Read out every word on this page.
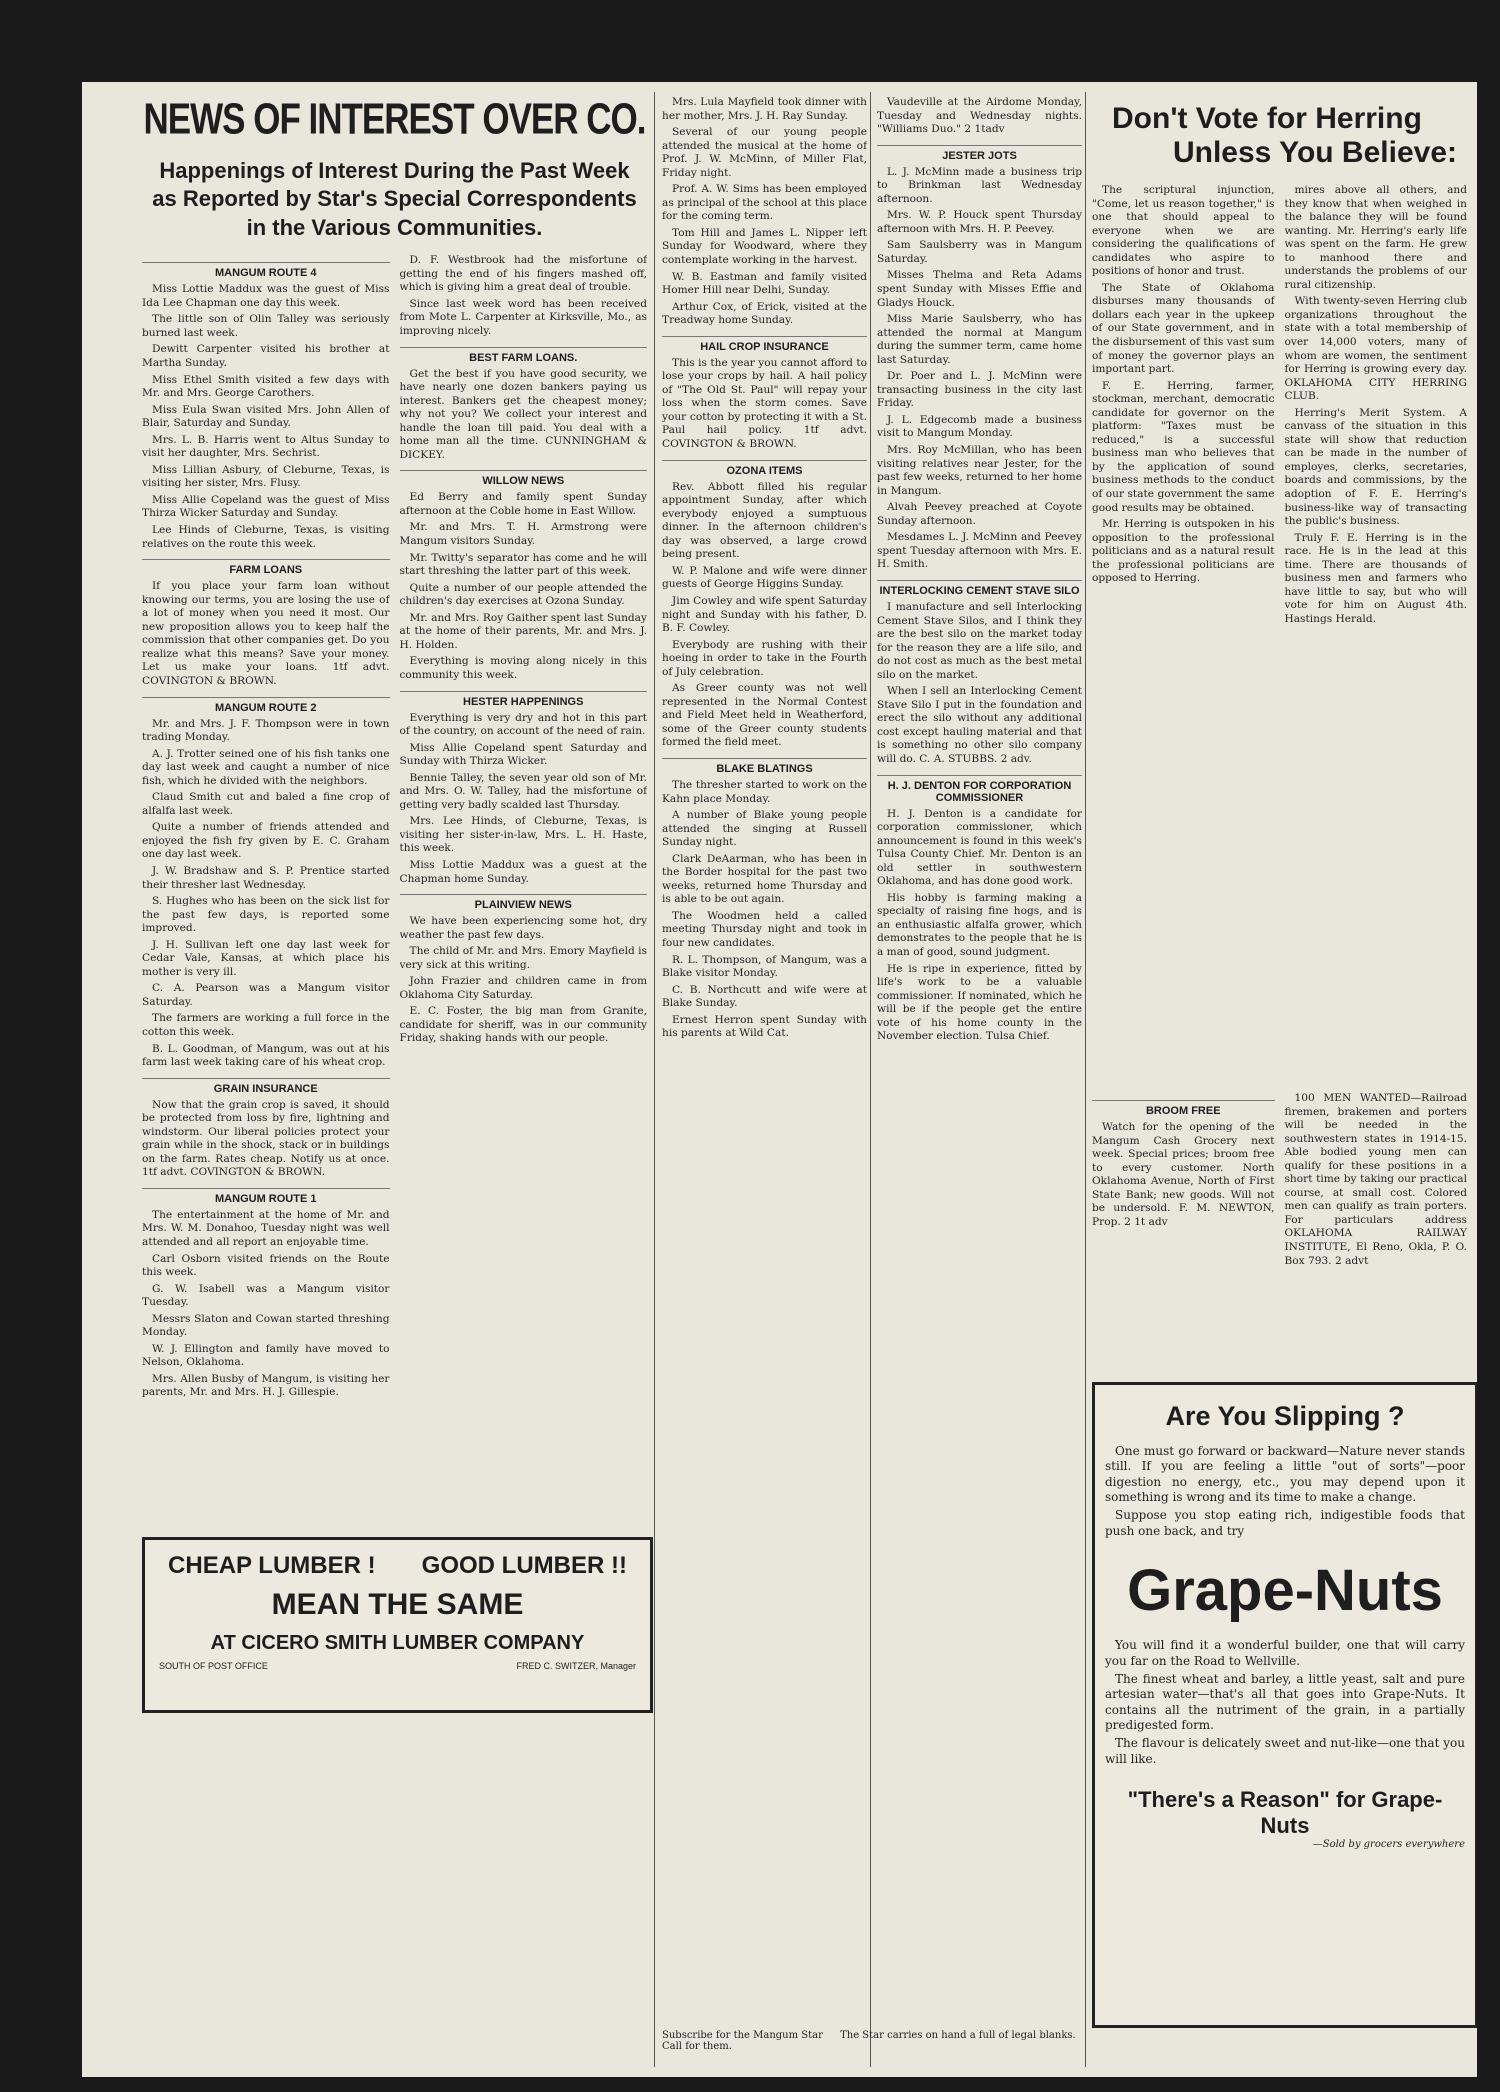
NEWS OF INTEREST OVER CO.
Happenings of Interest During the Past Week as Reported by Star's Special Correspondents in the Various Communities.
MANGUM ROUTE 4

Miss Lottie Maddux was the guest of Miss Ida Lee Chapman one day this week.

The little son of Olin Talley was seriously burned last week.

Dewitt Carpenter visited his brother at Martha Sunday.

Miss Ethel Smith visited a few days with Mr. and Mrs. George Carothers.

Miss Eula Swan visited Mrs. John Allen of Blair, Saturday and Sunday.

Mrs. L. B. Harris went to Altus Sunday to visit her daughter, Mrs. Sechrist.

Miss Lillian Asbury, of Cleburne, Texas, is visiting her sister, Mrs. Flusy.

Miss Allie Copeland was the guest of Miss Thirza Wicker Saturday and Sunday.

Lee Hinds of Cleburne, Texas, is visiting relatives on the route this week.

FARM LOANS

If you place your farm loan without knowing our terms, you are losing the use of a lot of money when you need it most. Our new proposition allows you to keep half the commission that other companies get. Do you realize what this means? Save your money. Let us make your loans. 1tf advt. COVINGTON & BROWN.

MANGUM ROUTE 2

Mr. and Mrs. J. F. Thompson were in town trading Monday.

A. J. Trotter seined one of his fish tanks one day last week and caught a number of nice fish, which he divided with the neighbors.

Claud Smith cut and baled a fine crop of alfalfa last week.

Quite a number of friends attended and enjoyed the fish fry given by E. C. Graham one day last week.

J. W. Bradshaw and S. P. Prentice started their thresher last Wednesday.

S. Hughes who has been on the sick list for the past few days, is reported some improved.

J. H. Sullivan left one day last week for Cedar Vale, Kansas, at which place his mother is very ill.

C. A. Pearson was a Mangum visitor Saturday.

The farmers are working a full force in the cotton this week.

B. L. Goodman, of Mangum, was out at his farm last week taking care of his wheat crop.

GRAIN INSURANCE

Now that the grain crop is saved, it should be protected from loss by fire, lightning and windstorm. Our liberal policies protect your grain while in the shock, stack or in buildings on the farm. Rates cheap. Notify us at once. 1tf advt. COVINGTON & BROWN.

MANGUM ROUTE 1

The entertainment at the home of Mr. and Mrs. W. M. Donahoo, Tuesday night was well attended and all report an enjoyable time.

Carl Osborn visited friends on the Route this week.

G. W. Isabell was a Mangum visitor Tuesday.

Messrs Slaton and Cowan started threshing Monday.

W. J. Ellington and family have moved to Nelson, Oklahoma.

Mrs. Allen Busby of Mangum, is visiting her parents, Mr. and Mrs. H. J. Gillespie.

D. F. Westbrook had the misfortune of getting the end of his fingers mashed off, which is giving him a great deal of trouble.

Since last week word has been received from Mote L. Carpenter at Kirksville, Mo., as improving nicely.

BEST FARM LOANS.

Get the best if you have good security, we have nearly one dozen bankers paying us interest. Bankers get the cheapest money; why not you? We collect your interest and handle the loan till paid. You deal with a home man all the time. CUNNINGHAM & DICKEY.

WILLOW NEWS

Ed Berry and family spent Sunday afternoon at the Coble home in East Willow.

Mr. and Mrs. T. H. Armstrong were Mangum visitors Sunday.

Mr. Twitty's separator has come and he will start threshing the latter part of this week.

Quite a number of our people attended the children's day exercises at Ozona Sunday.

Mr. and Mrs. Roy Gaither spent last Sunday at the home of their parents, Mr. and Mrs. J. H. Holden.

Everything is moving along nicely in this community this week.

HESTER HAPPENINGS

Everything is very dry and hot in this part of the country, on account of the need of rain.

Miss Allie Copeland spent Saturday and Sunday with Thirza Wicker.

Bennie Talley, the seven year old son of Mr. and Mrs. O. W. Talley, had the misfortune of getting very badly scalded last Thursday.

Mrs. Lee Hinds, of Cleburne, Texas, is visiting her sister-in-law, Mrs. L. H. Haste, this week.

Miss Lottie Maddux was a guest at the Chapman home Sunday.

PLAINVIEW NEWS

We have been experiencing some hot, dry weather the past few days.

The child of Mr. and Mrs. Emory Mayfield is very sick at this writing.

John Frazier and children came in from Oklahoma City Saturday.

E. C. Foster, the big man from Granite, candidate for sheriff, was in our community Friday, shaking hands with our people.

Mrs. Lula Mayfield took dinner with her mother, Mrs. J. H. Ray Sunday.

Several of our young people attended the musical at the home of Prof. J. W. McMinn, of Miller Flat, Friday night.

Prof. A. W. Sims has been employed as principal of the school at this place for the coming term.

Tom Hill and James L. Nipper left Sunday for Woodward, where they contemplate working in the harvest.

W. B. Eastman and family visited Homer Hill near Delhi, Sunday.

Arthur Cox, of Erick, visited at the Treadway home Sunday.

HAIL CROP INSURANCE

This is the year you cannot afford to lose your crops by hail. A hail policy of "The Old St. Paul" will repay your loss when the storm comes. Save your cotton by protecting it with a St. Paul hail policy. 1tf advt. COVINGTON & BROWN.

OZONA ITEMS

Rev. Abbott filled his regular appointment Sunday, after which everybody enjoyed a sumptuous dinner. In the afternoon children's day was observed, a large crowd being present.

W. P. Malone and wife were dinner guests of George Higgins Sunday.

Jim Cowley and wife spent Saturday night and Sunday with his father, D. B. F. Cowley.

Everybody are rushing with their hoeing in order to take in the Fourth of July celebration.

As Greer county was not well represented in the Normal Contest and Field Meet held in Weatherford, some of the Greer county students formed the field meet.

BLAKE BLATINGS

The thresher started to work on the Kahn place Monday.

A number of Blake young people attended the singing at Russell Sunday night.

Clark DeAarman, who has been in the Border hospital for the past two weeks, returned home Thursday and is able to be out again.

The Woodmen held a called meeting Thursday night and took in four new candidates.

R. L. Thompson, of Mangum, was a Blake visitor Monday.

C. B. Northcutt and wife were at Blake Sunday.

Ernest Herron spent Sunday with his parents at Wild Cat.

Vaudeville at the Airdome Monday, Tuesday and Wednesday nights. "Williams Duo." 2 1tadv

JESTER JOTS

L. J. McMinn made a business trip to Brinkman last Wednesday afternoon.

Mrs. W. P. Houck spent Thursday afternoon with Mrs. H. P. Peevey.

Sam Saulsberry was in Mangum Saturday.

Misses Thelma and Reta Adams spent Sunday with Misses Effie and Gladys Houck.

Miss Marie Saulsberry, who has attended the normal at Mangum during the summer term, came home last Saturday.

Dr. Poer and L. J. McMinn were transacting business in the city last Friday.

J. L. Edgecomb made a business visit to Mangum Monday.

Mrs. Roy McMillan, who has been visiting relatives near Jester, for the past few weeks, returned to her home in Mangum.

Alvah Peevey preached at Coyote Sunday afternoon.

Mesdames L. J. McMinn and Peevey spent Tuesday afternoon with Mrs. E. H. Smith.

INTERLOCKING CEMENT STAVE SILO

I manufacture and sell Interlocking Cement Stave Silos, and I think they are the best silo on the market today for the reason they are a life silo, and do not cost as much as the best metal silo on the market.

When I sell an Interlocking Cement Stave Silo I put in the foundation and erect the silo without any additional cost except hauling material and that is something no other silo company will do. C. A. STUBBS. 2 adv.

H. J. DENTON FOR CORPORATION COMMISSIONER

H. J. Denton is a candidate for corporation commissioner, which announcement is found in this week's Tulsa County Chief. Mr. Denton is an old settler in southwestern Oklahoma, and has done good work.

His hobby is farming making a specialty of raising fine hogs, and is an enthusiastic alfalfa grower, which demonstrates to the people that he is a man of good, sound judgment.

He is ripe in experience, fitted by life's work to be a valuable commissioner. If nominated, which he will be if the people get the entire vote of his home county in the November election. Tulsa Chief.

CHEAP LUMBER ! GOOD LUMBER !!
MEAN THE SAME
AT CICERO SMITH LUMBER COMPANY
SOUTH OF POST OFFICE	FRED C. SWITZER, Manager
Subscribe for the Mangum Star The Star carries on hand a full of legal blanks. Call for them.
Don't Vote for Herring
Unless You Believe:

The scriptural injunction, "Come, let us reason together," is one that should appeal to everyone when we are considering the qualifications of candidates who aspire to positions of honor and trust.

The State of Oklahoma disburses many thousands of dollars each year in the upkeep of our State government, and in the disbursement of this vast sum of money the governor plays an important part.

F. E. Herring, farmer, stockman, merchant, democratic candidate for governor on the platform: "Taxes must be reduced," is a successful business man who believes that by the application of sound business methods to the conduct of our state government the same good results may be obtained.

Mr. Herring is outspoken in his opposition to the professional politicians and as a natural result the professional politicians are opposed to Herring.

mires above all others, and they know that when weighed in the balance they will be found wanting. Mr. Herring's early life was spent on the farm. He grew to manhood there and understands the problems of our rural citizenship.

With twenty-seven Herring club organizations throughout the state with a total membership of over 14,000 voters, many of whom are women, the sentiment for Herring is growing every day. OKLAHOMA CITY HERRING CLUB.

Herring's Merit System. A canvass of the situation in this state will show that reduction can be made in the number of employes, clerks, secretaries, boards and commissions, by the adoption of F. E. Herring's business-like way of transacting the public's business.

Truly F. E. Herring is in the race. He is in the lead at this time. There are thousands of business men and farmers who have little to say, but who will vote for him on August 4th. Hastings Herald.

BROOM FREE

Watch for the opening of the Mangum Cash Grocery next week. Special prices; broom free to every customer. North Oklahoma Avenue, North of First State Bank; new goods. Will not be undersold. F. M. NEWTON, Prop. 2 1t adv

100 MEN WANTED—Railroad firemen, brakemen and porters will be needed in the southwestern states in 1914-15. Able bodied young men can qualify for these positions in a short time by taking our practical course, at small cost. Colored men can qualify as train porters. For particulars address OKLAHOMA RAILWAY INSTITUTE, El Reno, Okla, P. O. Box 793. 2 advt

Are You Slipping ?

One must go forward or backward—Nature never stands still. If you are feeling a little "out of sorts"—poor digestion no energy, etc., you may depend upon it something is wrong and its time to make a change.

Suppose you stop eating rich, indigestible foods that push one back, and try

Grape-Nuts

You will find it a wonderful builder, one that will carry you far on the Road to Wellville.

The finest wheat and barley, a little yeast, salt and pure artesian water—that's all that goes into Grape-Nuts. It contains all the nutriment of the grain, in a partially predigested form.

The flavour is delicately sweet and nut-like—one that you will like.

"There's a Reason" for Grape-Nuts
—Sold by grocers everywhere
